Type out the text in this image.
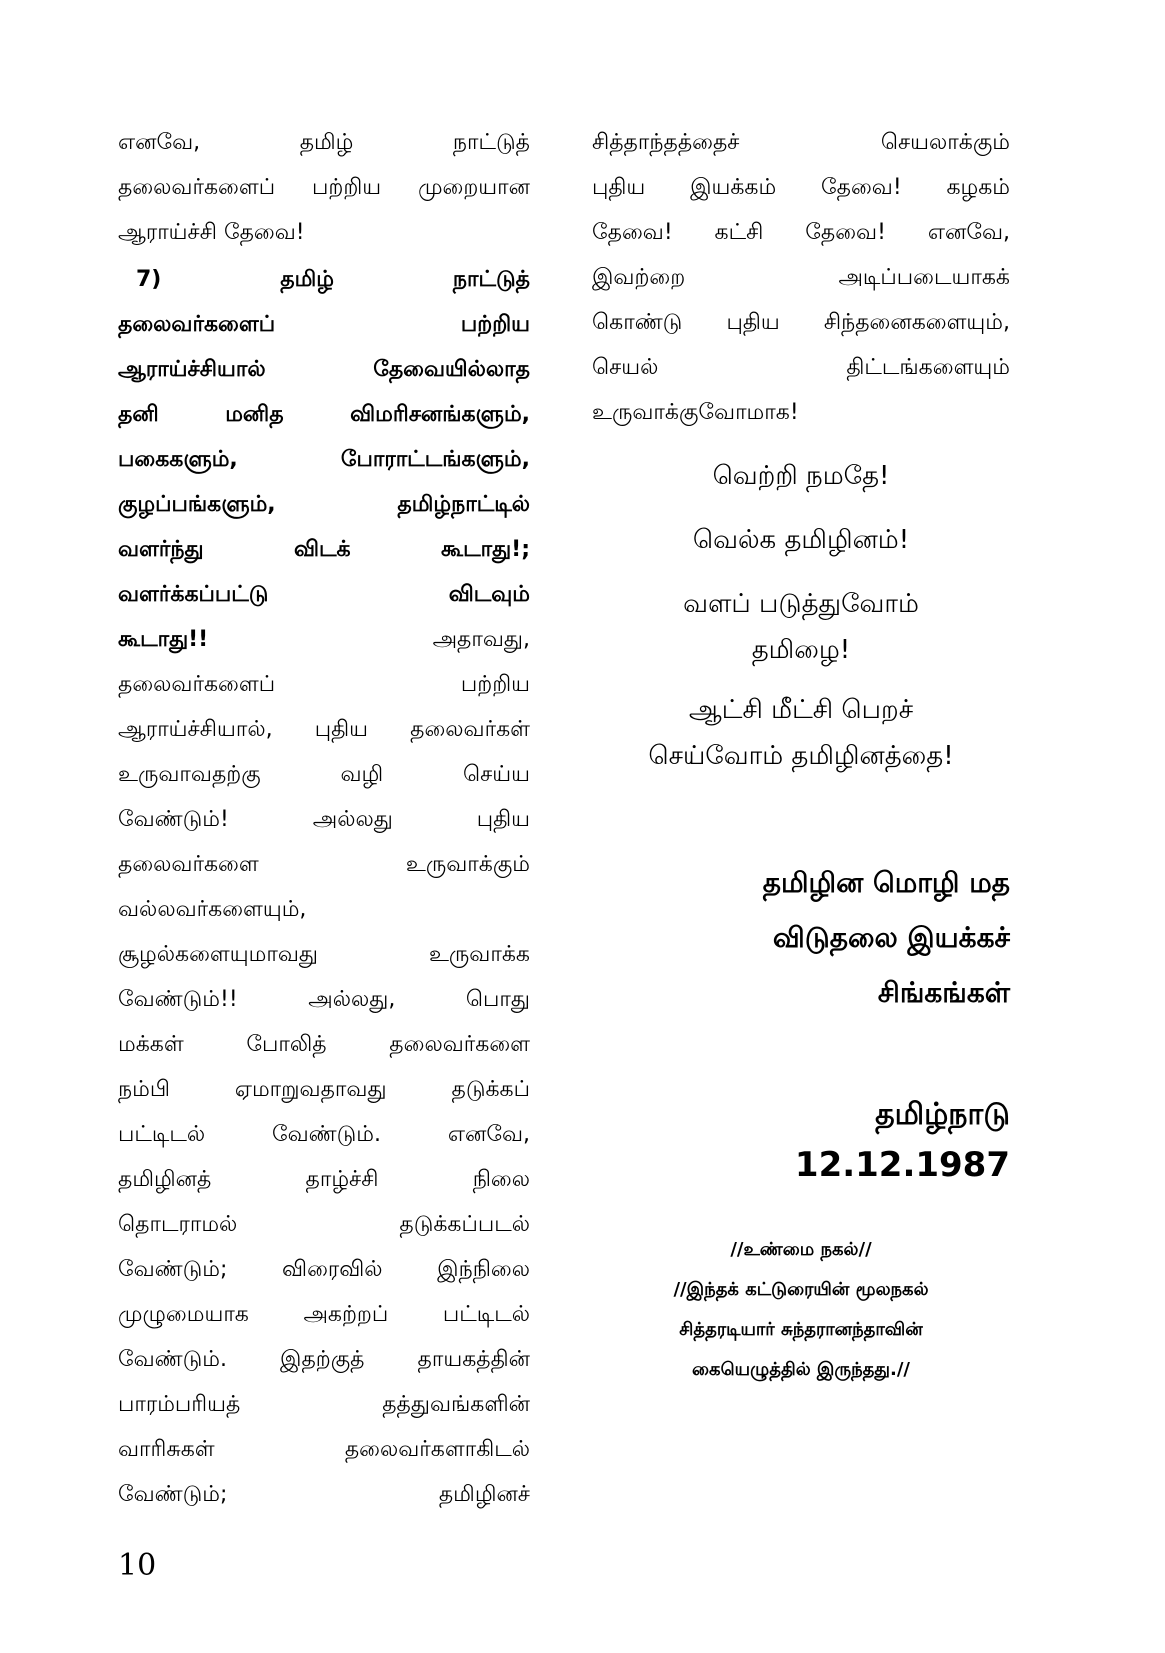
எனவே, தமிழ் நாட்டுத்
தலைவர்களைப் பற்றிய முறையான
ஆராய்ச்சி தேவை!
7) தமிழ் நாட்டுத்
தலைவர்களைப் பற்றிய
ஆராய்ச்சியால் தேவையில்லாத
தனி மனித விமரிசனங்களும்,
பகைகளும், போராட்டங்களும்,
குழப்பங்களும், தமிழ்நாட்டில்
வளர்ந்து விடக் கூடாது!;
வளர்க்கப்பட்டு விடவும்
கூடாது!!	அதாவது,
தலைவர்களைப் பற்றிய
ஆராய்ச்சியால், புதிய தலைவர்கள்
உருவாவதற்கு வழி செய்ய
வேண்டும்! அல்லது புதிய
தலைவர்களை உருவாக்கும்
வல்லவர்களையும்,
சூழல்களையுமாவது உருவாக்க
வேண்டும்!! அல்லது, பொது
மக்கள் போலித் தலைவர்களை
நம்பி ஏமாறுவதாவது தடுக்கப்
பட்டிடல் வேண்டும். எனவே,
தமிழினத் தாழ்ச்சி நிலை
தொடராமல் தடுக்கப்படல்
வேண்டும்; விரைவில் இந்நிலை
முழுமையாக அகற்றப் பட்டிடல்
வேண்டும். இதற்குத் தாயகத்தின்
பாரம்பரியத் தத்துவங்களின்
வாரிசுகள் தலைவர்களாகிடல்
வேண்டும்; தமிழினச்
சித்தாந்தத்தைச் செயலாக்கும்
புதிய இயக்கம் தேவை! கழகம்
தேவை! கட்சி தேவை! எனவே,
இவற்றை அடிப்படையாகக்
கொண்டு புதிய சிந்தனைகளையும்,
செயல் திட்டங்களையும்
உருவாக்குவோமாக!
வெற்றி நமதே!
வெல்க தமிழினம்!
வளப் படுத்துவோம்
தமிழை!
ஆட்சி மீட்சி பெறச்
செய்வோம் தமிழினத்தை!
தமிழின மொழி மத
விடுதலை இயக்கச்
சிங்கங்கள்
தமிழ்நாடு
12.12.1987
//உண்மை நகல்//
//இந்தக் கட்டுரையின் மூலநகல்
சித்தரடியார் சுந்தரானந்தாவின்
கையெழுத்தில் இருந்தது.//
10
